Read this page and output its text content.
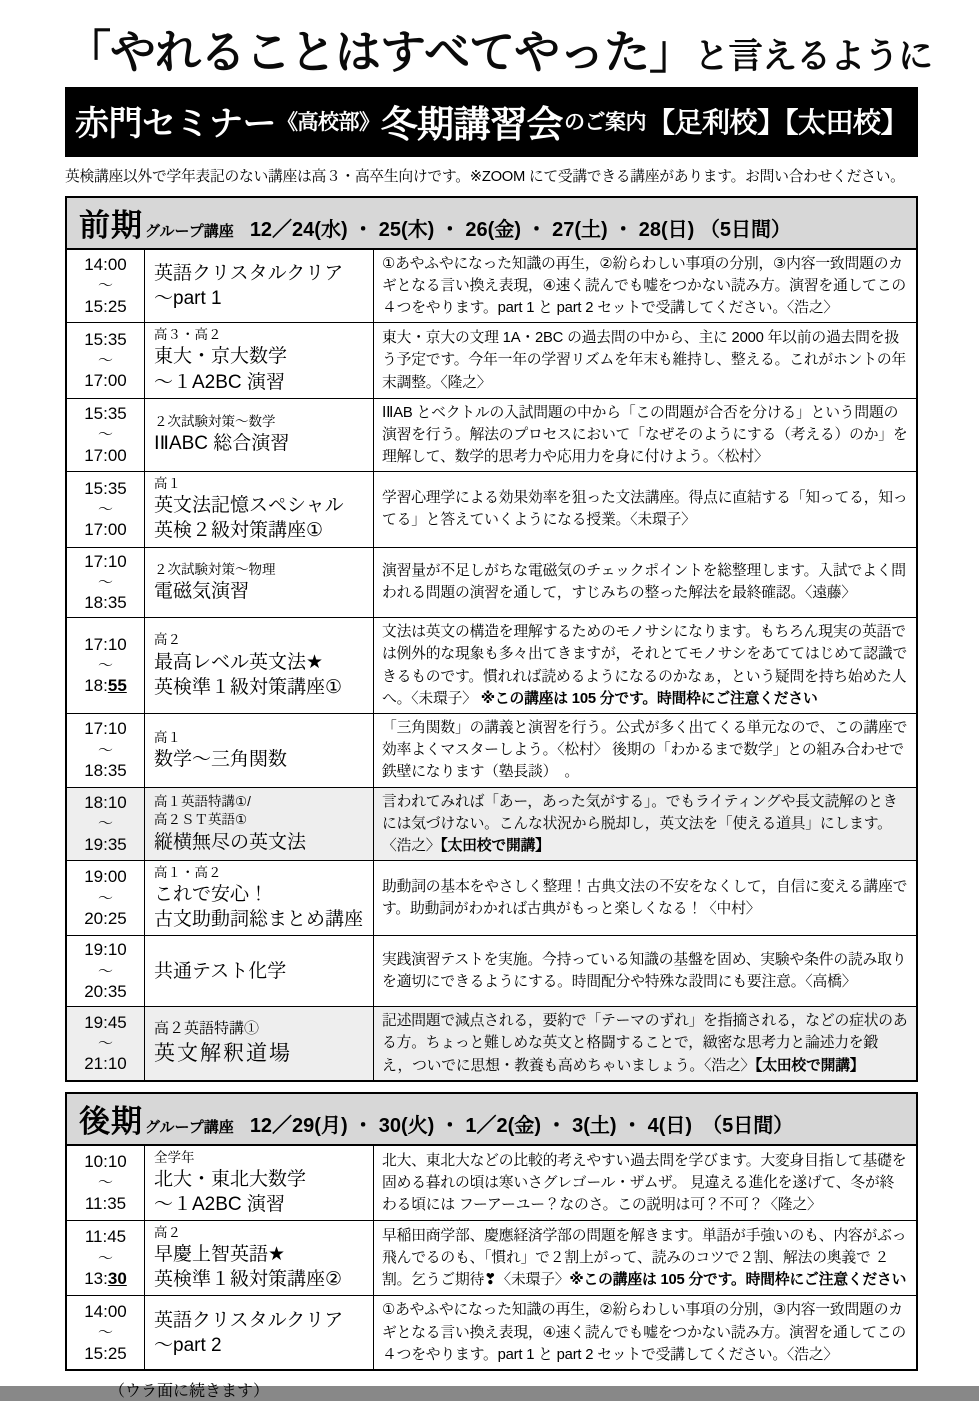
「やれることはすべてやった」と言えるように
赤門セミナー 《高校部》 冬期講習会 のご案内 【足利校】【太田校】
英検講座以外で学年表記のない講座は高３・高卒生向けです。※ZOOM にて受講できる講座があります。お問い合わせください。
前期 グループ講座 12／24(水) ・ 25(木) ・ 26(金) ・ 27(土) ・ 28(日) （5日間）
14:00
～
15:25

英語クリスタルクリア
～part 1
	①あやふやになった知識の再生，②紛らわしい事項の分別，③内容一致問題のカギとなる言い換え表現，④速く読んでも嘘をつかない読み方。演習を通してこの４つをやります。part 1 と part 2 セットで受講してください。〈浩之〉

15:35
～
17:00

高３・高２
東大・京大数学
～１A2BC 演習
	東大・京大の文理 1A・2BC の過去問の中から、主に 2000 年以前の過去問を扱う予定です。今年一年の学習リズムを年末も維持し、整える。これがホントの年末調整。〈隆之〉

15:35
～
17:00

２次試験対策～数学
ⅠⅡABC 総合演習
	ⅠⅡAB とベクトルの入試問題の中から「この問題が合否を分ける」という問題の演習を行う。解法のプロセスにおいて「なぜそのようにする（考える）のか」を理解して、数学的思考力や応用力を身に付けよう。〈松村〉

15:35
～
17:00

高１
英文法記憶スペシャル
英検２級対策講座①
	学習心理学による効果効率を狙った文法講座。得点に直結する「知ってる，知ってる」と答えていくようになる授業。〈未環子〉

17:10
～
18:35

２次試験対策～物理
電磁気演習
	演習量が不足しがちな電磁気のチェックポイントを総整理します。入試でよく問われる問題の演習を通して，すじみちの整った解法を最終確認。〈遠藤〉

17:10
～
18:55

高２
最高レベル英文法★
英検準１級対策講座①
	文法は英文の構造を理解するためのモノサシになります。もちろん現実の英語では例外的な現象も多々出てきますが，それとてモノサシをあててはじめて認識できるものです。慣れれば読めるようになるのかなぁ，という疑問を持ち始めた人へ。〈未環子〉 ※この講座は 105 分です。時間枠にご注意ください

17:10
～
18:35

高１
数学～三角関数
	「三角関数」の講義と演習を行う。公式が多く出てくる単元なので、この講座で効率よくマスターしよう。〈松村〉 後期の「わかるまで数学」との組み合わせで鉄壁になります（塾長談）　。

18:10
～
19:35

高１英語特講①/
高２ＳＴ英語①
縦横無尽の英文法
	言われてみれば「あー，あった気がする」。でもライティングや長文読解のときには気づけない。こんな状況から脱却し，英文法を「使える道具」にします。〈浩之〉【太田校で開講】

19:00
～
20:25

高１・高２
これで安心！
古文助動詞総まとめ講座
	助動詞の基本をやさしく整理！古典文法の不安をなくして，自信に変える講座です。助動詞がわかれば古典がもっと楽しくなる！〈中村〉

19:10
～
20:35	共通テスト化学	実践演習テストを実施。今持っている知識の基盤を固め、実験や条件の読み取りを適切にできるようにする。時間配分や特殊な設問にも要注意。〈高橋〉

19:45
～
21:10

高２英語特講①
英文解釈道場
	記述問題で減点される，要約で「テーマのずれ」を指摘される，などの症状のある方。ちょっと難しめな英文と格闘することで，緻密な思考力と論述力を鍛え，ついでに思想・教養も高めちゃいましょう。〈浩之〉【太田校で開講】
後期 グループ講座 12／29(月) ・ 30(火) ・ 1／2(金) ・ 3(土) ・ 4(日)　（5日間）
10:10
～
11:35

全学年
北大・東北大数学
～１A2BC 演習
	北大、東北大などの比較的考えやすい過去問を学びます。大変身目指して基礎を固める暮れの頃は寒いさグレゴール・ザムザ。 見違える進化を遂げて、冬が終わる頃には フーアーユー？なのさ。この説明は可？不可？〈隆之〉

11:45
～
13:30

高２
早慶上智英語★
英検準１級対策講座②
	早稲田商学部、慶應経済学部の問題を解きます。単語が手強いのも、内容がぶっ飛んでるのも、「慣れ」で２割上がって、読みのコツで２割、解法の奥義で ２ 割。乞うご期待❣〈未環子〉※この講座は 105 分です。時間枠にご注意ください

14:00
～
15:25

英語クリスタルクリア
～part 2
	①あやふやになった知識の再生，②紛らわしい事項の分別，③内容一致問題のカギとなる言い換え表現，④速く読んでも嘘をつかない読み方。演習を通してこの４つをやります。part 1 と part 2 セットで受講してください。〈浩之〉
（ウラ面に続きます）
